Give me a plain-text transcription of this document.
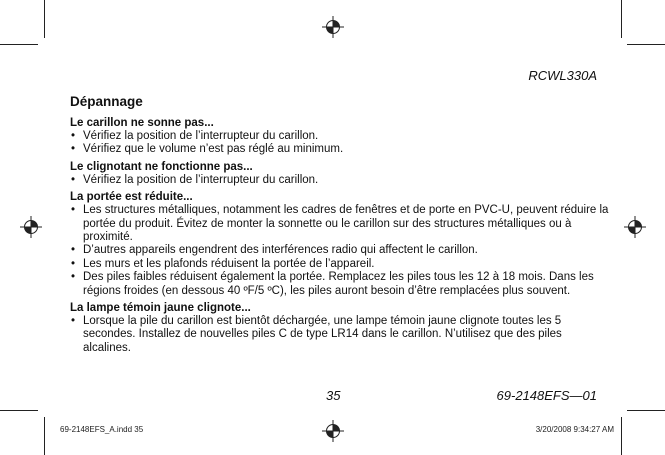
RCWL330A
Dépannage
Le carillon ne sonne pas...
• Vérifiez la position de l’interrupteur du carillon.
• Vérifiez que le volume n’est pas réglé au minimum.
Le clignotant ne fonctionne pas...
• Vérifiez la position de l’interrupteur du carillon.
La portée est réduite...
• Les structures métalliques, notamment les cadres de fenêtres et de porte en PVC-U, peuvent réduire la portée du produit. Évitez de monter la sonnette ou le carillon sur des structures métalliques ou à proximité.
• D’autres appareils engendrent des interférences radio qui affectent le carillon.
• Les murs et les plafonds réduisent la portée de l’appareil.
• Des piles faibles réduisent également la portée. Remplacez les piles tous les 12 à 18 mois. Dans les régions froides (en dessous 40 ºF/5 ºC), les piles auront besoin d’être remplacées plus souvent.
La lampe témoin jaune clignote...
• Lorsque la pile du carillon est bientôt déchargée, une lampe témoin jaune clignote toutes les 5 secondes. Installez de nouvelles piles C de type LR14 dans le carillon. N’utilisez que des piles alcalines.
35	69-2148EFS—01
69-2148EFS_A.indd 35	3/20/2008 9:34:27 AM
